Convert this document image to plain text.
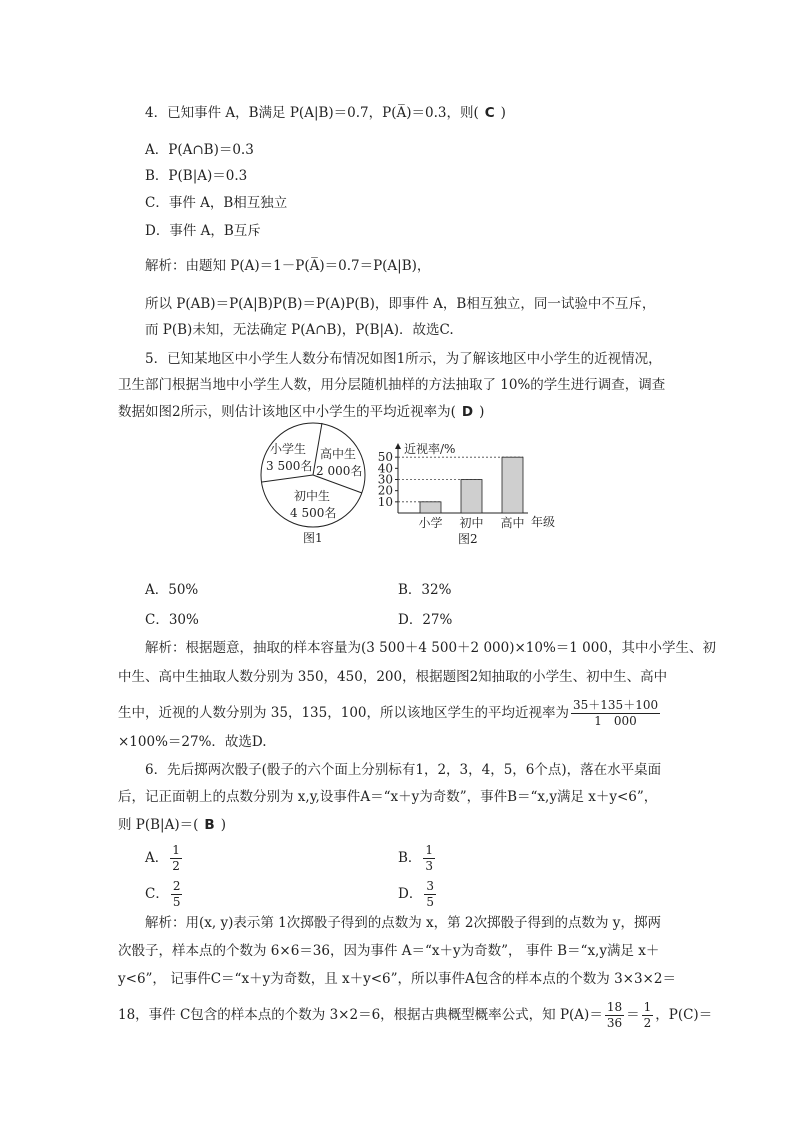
4．已知事件 A，B满足 P(A|B)＝0.7，P(A̅)＝0.3，则( C )
A．P(A∩B)＝0.3
B．P(B|A)＝0.3
C．事件 A，B相互独立
D．事件 A，B互斥
解析：由题知 P(A)＝1－P(A̅)＝0.7＝P(A|B)，
所以 P(AB)＝P(A|B)P(B)＝P(A)P(B)，即事件 A，B相互独立，同一试验中不互斥，
而 P(B)未知，无法确定 P(A∩B)，P(B|A)．故选C.
5．已知某地区中小学生人数分布情况如图1所示，为了解该地区中小学生的近视情况，
卫生部门根据当地中小学生人数，用分层随机抽样的方法抽取了 10%的学生进行调查，调查
数据如图2所示，则估计该地区中小学生的平均近视率为( D )
小学生
3 500名
高中生
2 000名
初中生
4 500名
图1
10
20
30
40
50
小学 初中 高中
近视率/%
年级
图2
A．50%	B．32%
C．30%	D．27%
解析：根据题意，抽取的样本容量为(3 500＋4 500＋2 000)×10%＝1 000，其中小学生、初
中生、高中生抽取人数分别为 350，450，200，根据题图2知抽取的小学生、初中生、高中
生中，近视的人数分别为 35，135，100，所以该地区学生的平均近视率为 $\frac{35+135+100}{1 000}$
×100%＝27%．故选D.
6．先后掷两次骰子(骰子的六个面上分别标有1，2，3，4，5，6个点)，落在水平桌面
后，记正面朝上的点数分别为 x,y,设事件A＝“x＋y为奇数”，事件B＝“x,y满足 x＋y<6”，
则 P(B|A)＝( B )
A． $\frac{1}{2}$	B． $\frac{1}{3}$
C． $\frac{2}{5}$	D． $\frac{3}{5}$
解析：用(x, y)表示第 1次掷骰子得到的点数为 x，第 2次掷骰子得到的点数为 y，掷两
次骰子，样本点的个数为 6×6＝36，因为事件 A＝“x＋y为奇数”， 事件 B＝“x,y满足 x＋
y<6”， 记事件C＝“x＋y为奇数，且 x＋y<6”，所以事件A包含的样本点的个数为 3×3×2＝
18，事件 C包含的样本点的个数为 3×2＝6，根据古典概型概率公式，知 $P(A)= \frac{18}{36} = \frac{1}{2}$ ，P(C)＝
